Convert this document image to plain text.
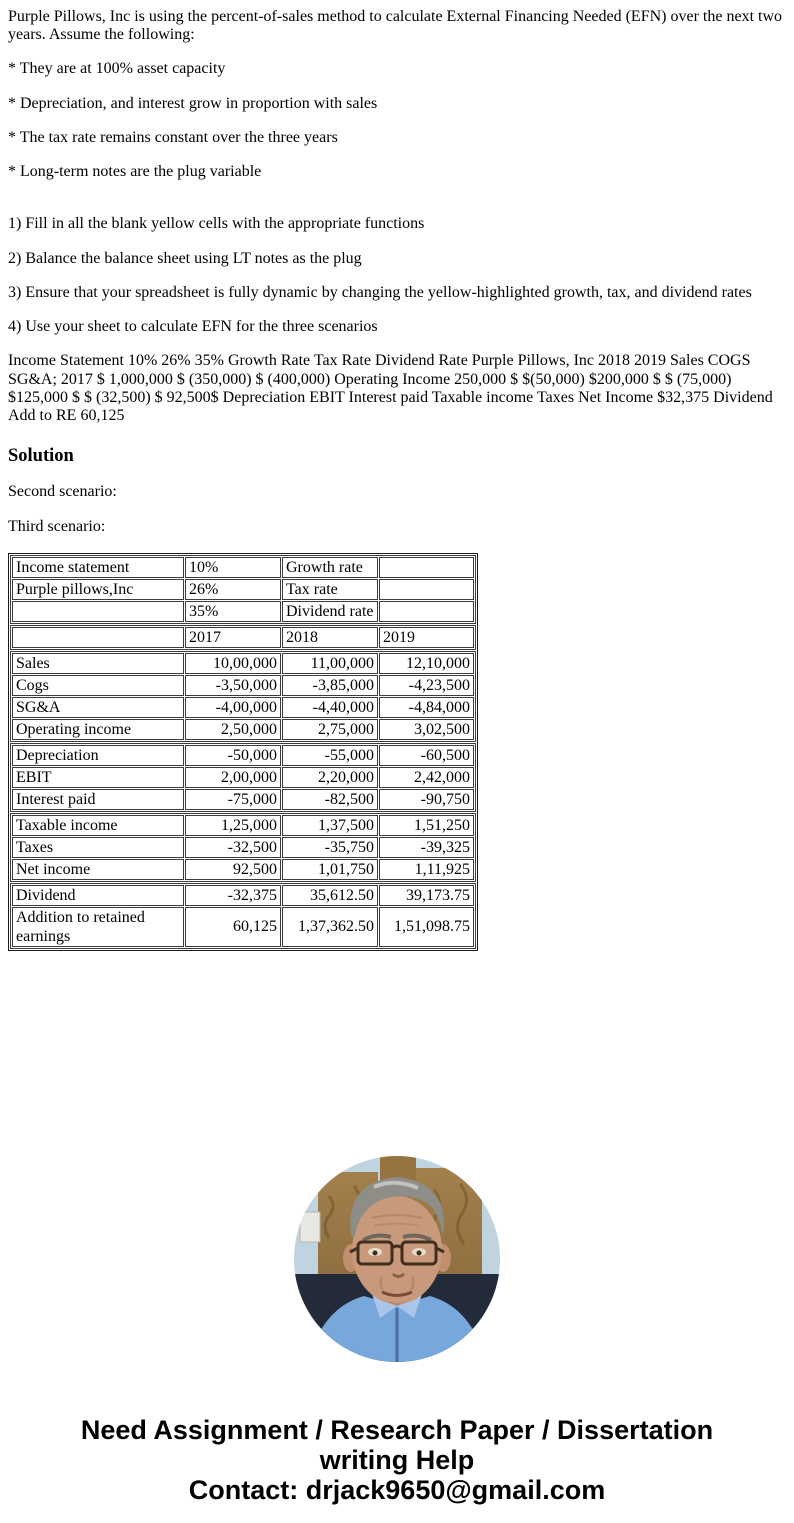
Purple Pillows, Inc is using the percent-of-sales method to calculate External Financing Needed (EFN) over the next two years. Assume the following:

* They are at 100% asset capacity

* Depreciation, and interest grow in proportion with sales

* The tax rate remains constant over the three years

* Long-term notes are the plug variable

1) Fill in all the blank yellow cells with the appropriate functions

2) Balance the balance sheet using LT notes as the plug

3) Ensure that your spreadsheet is fully dynamic by changing the yellow-highlighted growth, tax, and dividend rates

4) Use your sheet to calculate EFN for the three scenarios

Income Statement 10% 26% 35% Growth Rate Tax Rate Dividend Rate Purple Pillows, Inc 2018 2019 Sales COGS SG&A; 2017 $ 1,000,000 $ (350,000) $ (400,000) Operating Income 250,000 $ $(50,000) $200,000 $ $ (75,000) $125,000 $ $ (32,500) $ 92,500$ Depreciation EBIT Interest paid Taxable income Taxes Net Income $32,375 Dividend Add to RE 60,125

Solution

Second scenario:

Third scenario:

Income statement	10%	Growth rate	
Purple pillows,Inc	26%	Tax rate	
	35%	Dividend rate	
	2017	2018	2019
Sales	10,00,000	11,00,000	12,10,000
Cogs	-3,50,000	-3,85,000	-4,23,500
SG&A	-4,00,000	-4,40,000	-4,84,000
Operating income	2,50,000	2,75,000	3,02,500
Depreciation	-50,000	-55,000	-60,500
EBIT	2,00,000	2,20,000	2,42,000
Interest paid	-75,000	-82,500	-90,750
Taxable income	1,25,000	1,37,500	1,51,250
Taxes	-32,500	-35,750	-39,325
Net income	92,500	1,01,750	1,11,925
Dividend	-32,375	35,612.50	39,173.75
Addition to retained earnings	60,125	1,37,362.50	1,51,098.75
Need Assignment / Research Paper / Dissertation
writing Help
Contact: drjack9650@gmail.com
